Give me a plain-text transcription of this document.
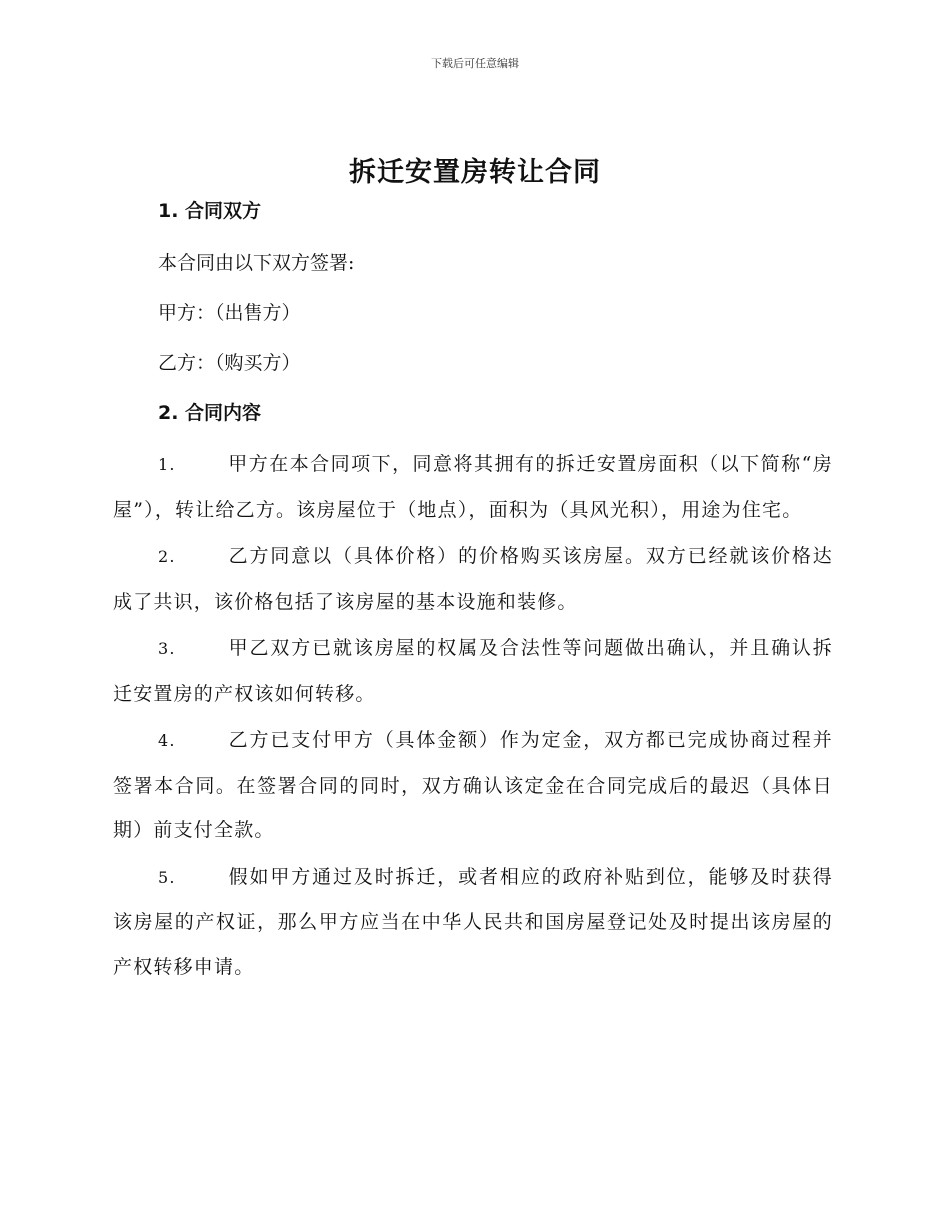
下载后可任意编辑
拆迁安置房转让合同
1. 合同双方
本合同由以下双方签署:
甲方：（出售方）
乙方：（购买方）
2. 合同内容

1.	甲方在本合同项下，同意将其拥有的拆迁安置房面积（以下简称“房屋”），转让给乙方。该房屋位于（地点），面积为（具风光积），用途为住宅。

2.	乙方同意以（具体价格）的价格购买该房屋。双方已经就该价格达成了共识，该价格包括了该房屋的基本设施和装修。

3.	甲乙双方已就该房屋的权属及合法性等问题做出确认，并且确认拆迁安置房的产权该如何转移。

4.	乙方已支付甲方（具体金额）作为定金，双方都已完成协商过程并签署本合同。在签署合同的同时，双方确认该定金在合同完成后的最迟（具体日期）前支付全款。

5.	假如甲方通过及时拆迁，或者相应的政府补贴到位，能够及时获得该房屋的产权证，那么甲方应当在中华人民共和国房屋登记处及时提出该房屋的产权转移申请。
